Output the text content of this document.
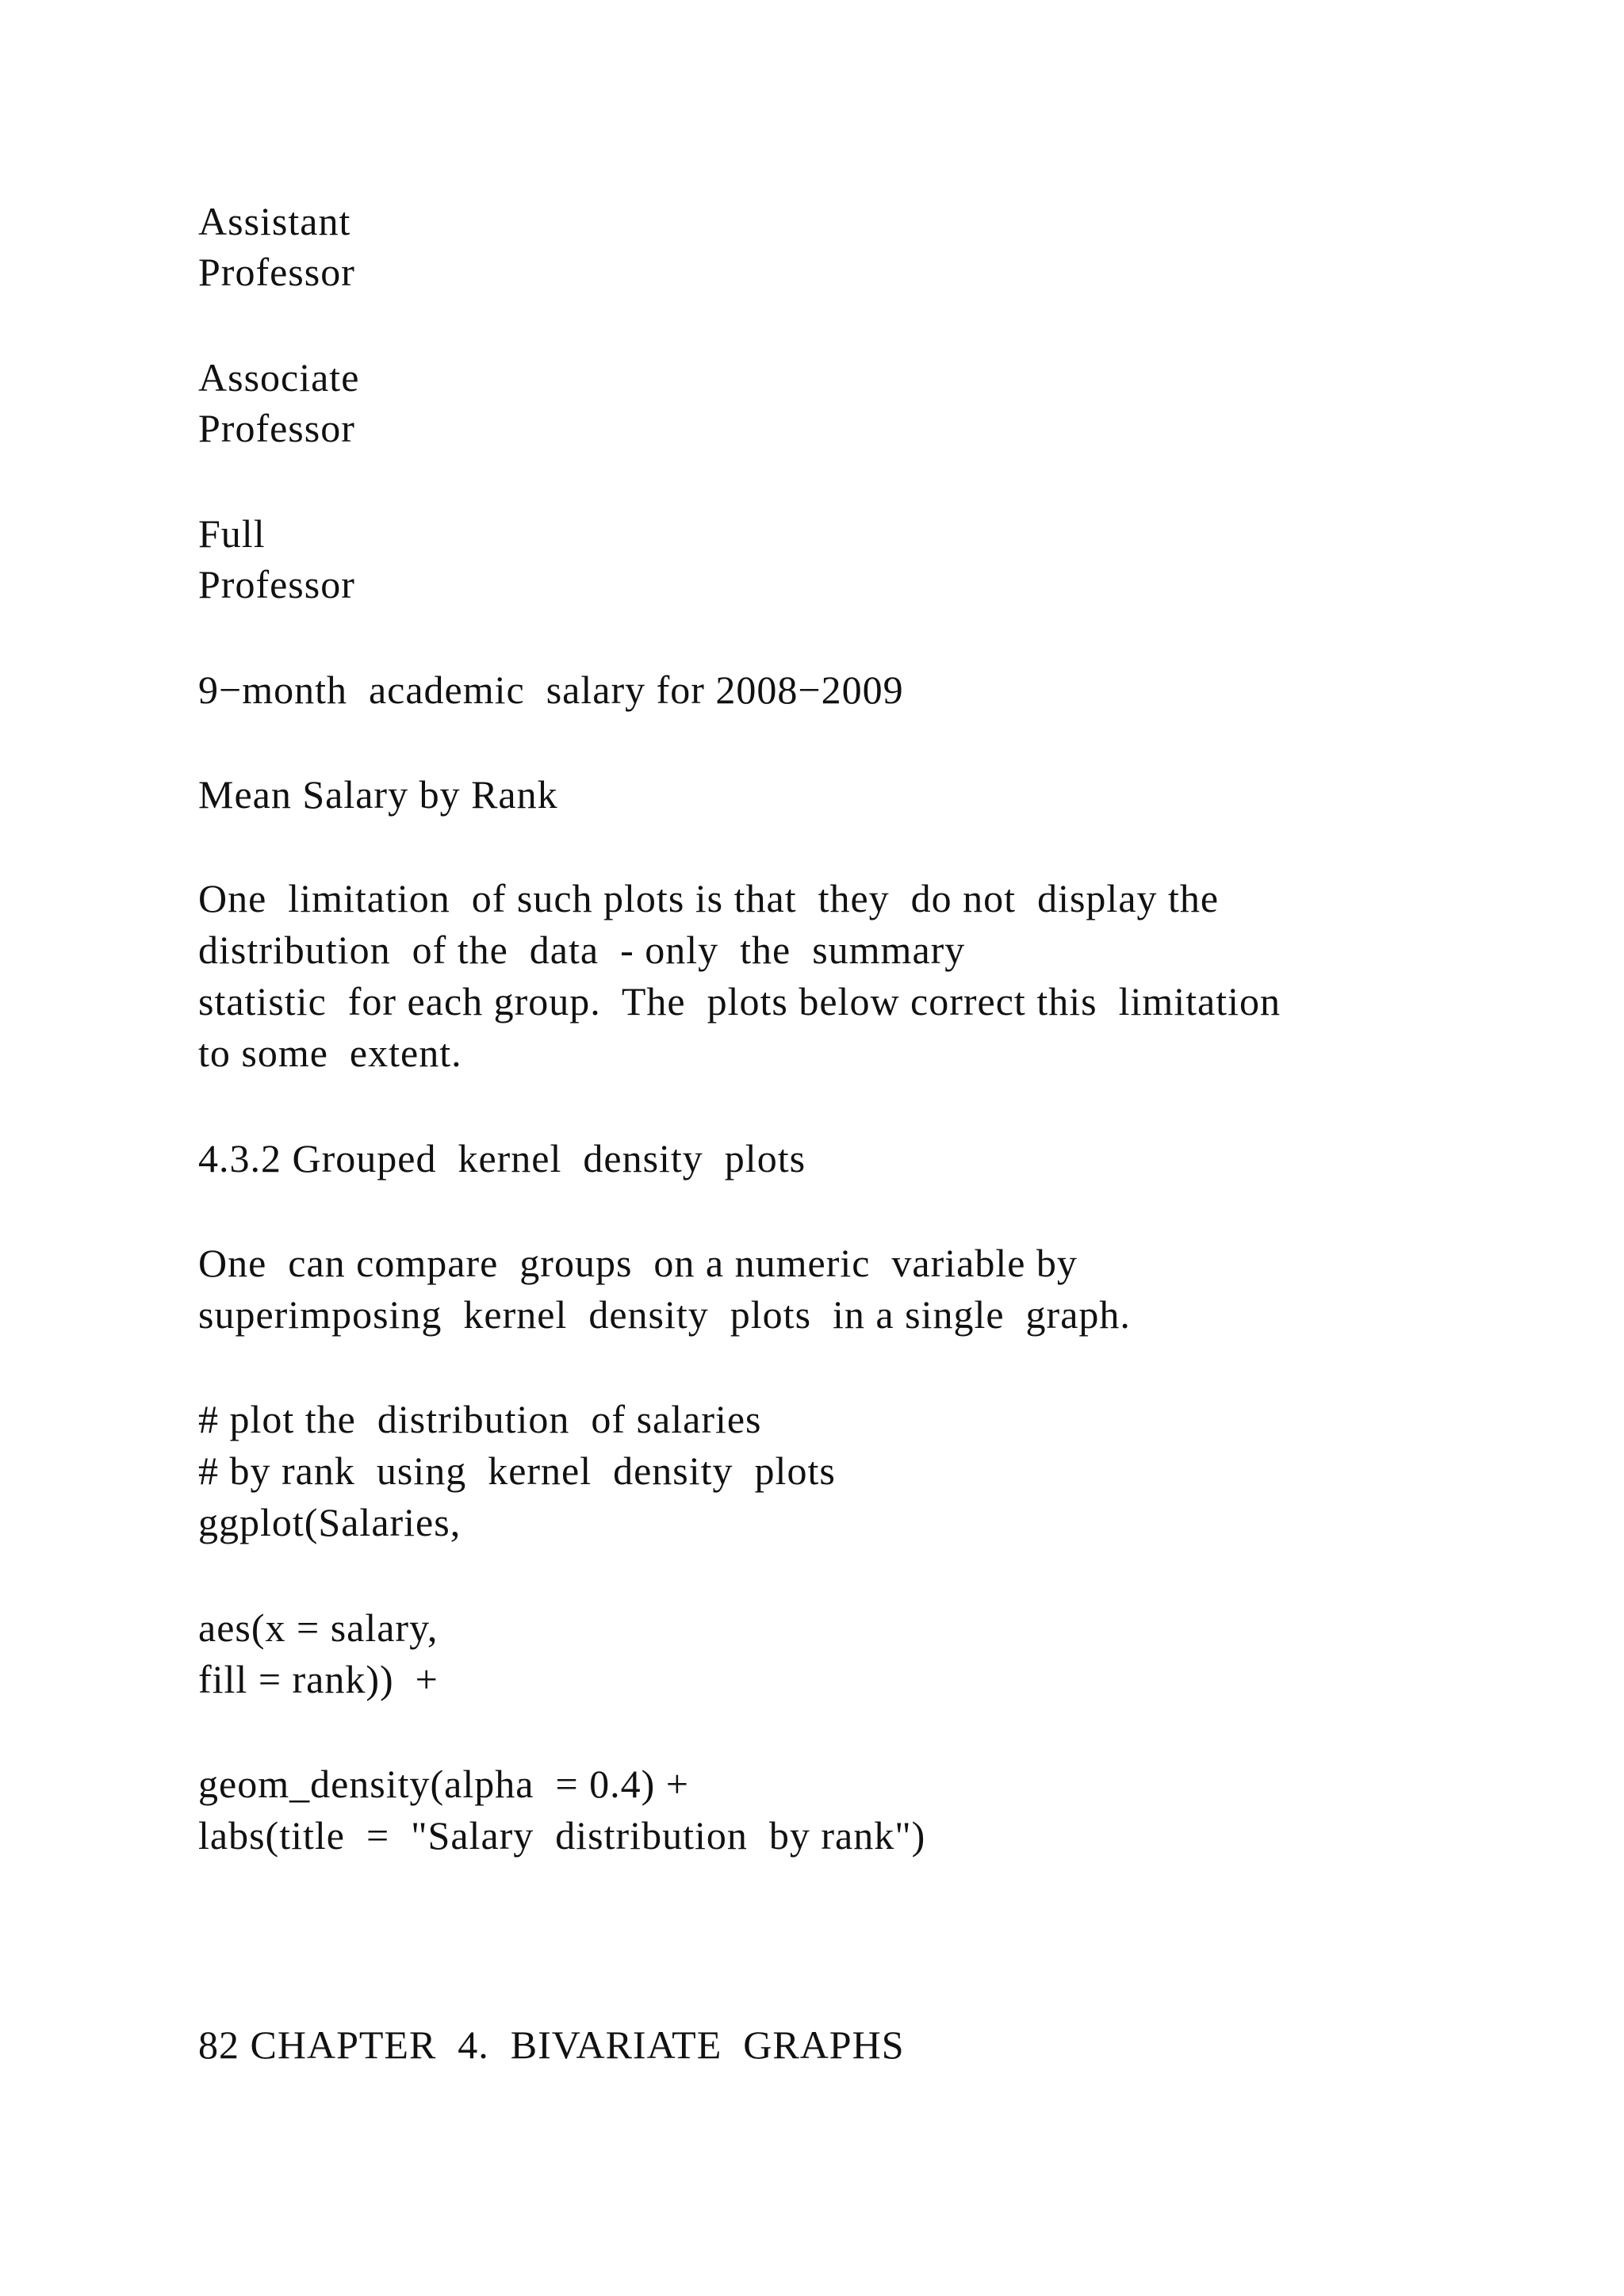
Assistant
Professor
Associate
Professor
Full
Professor
9−month  academic  salary for 2008−2009
Mean Salary by Rank
One  limitation  of such plots is that  they  do not  display the
distribution  of the  data  - only  the  summary
statistic  for each group.  The  plots below correct this  limitation
to some  extent.
4.3.2 Grouped  kernel  density  plots
One  can compare  groups  on a numeric  variable by
superimposing  kernel  density  plots  in a single  graph.
# plot the  distribution  of salaries
# by rank  using  kernel  density  plots
ggplot(Salaries,
aes(x = salary,
fill = rank))  +
geom_density(alpha  = 0.4) +
labs(title  =  "Salary  distribution  by rank")
82 CHAPTER  4.  BIVARIATE  GRAPHS
